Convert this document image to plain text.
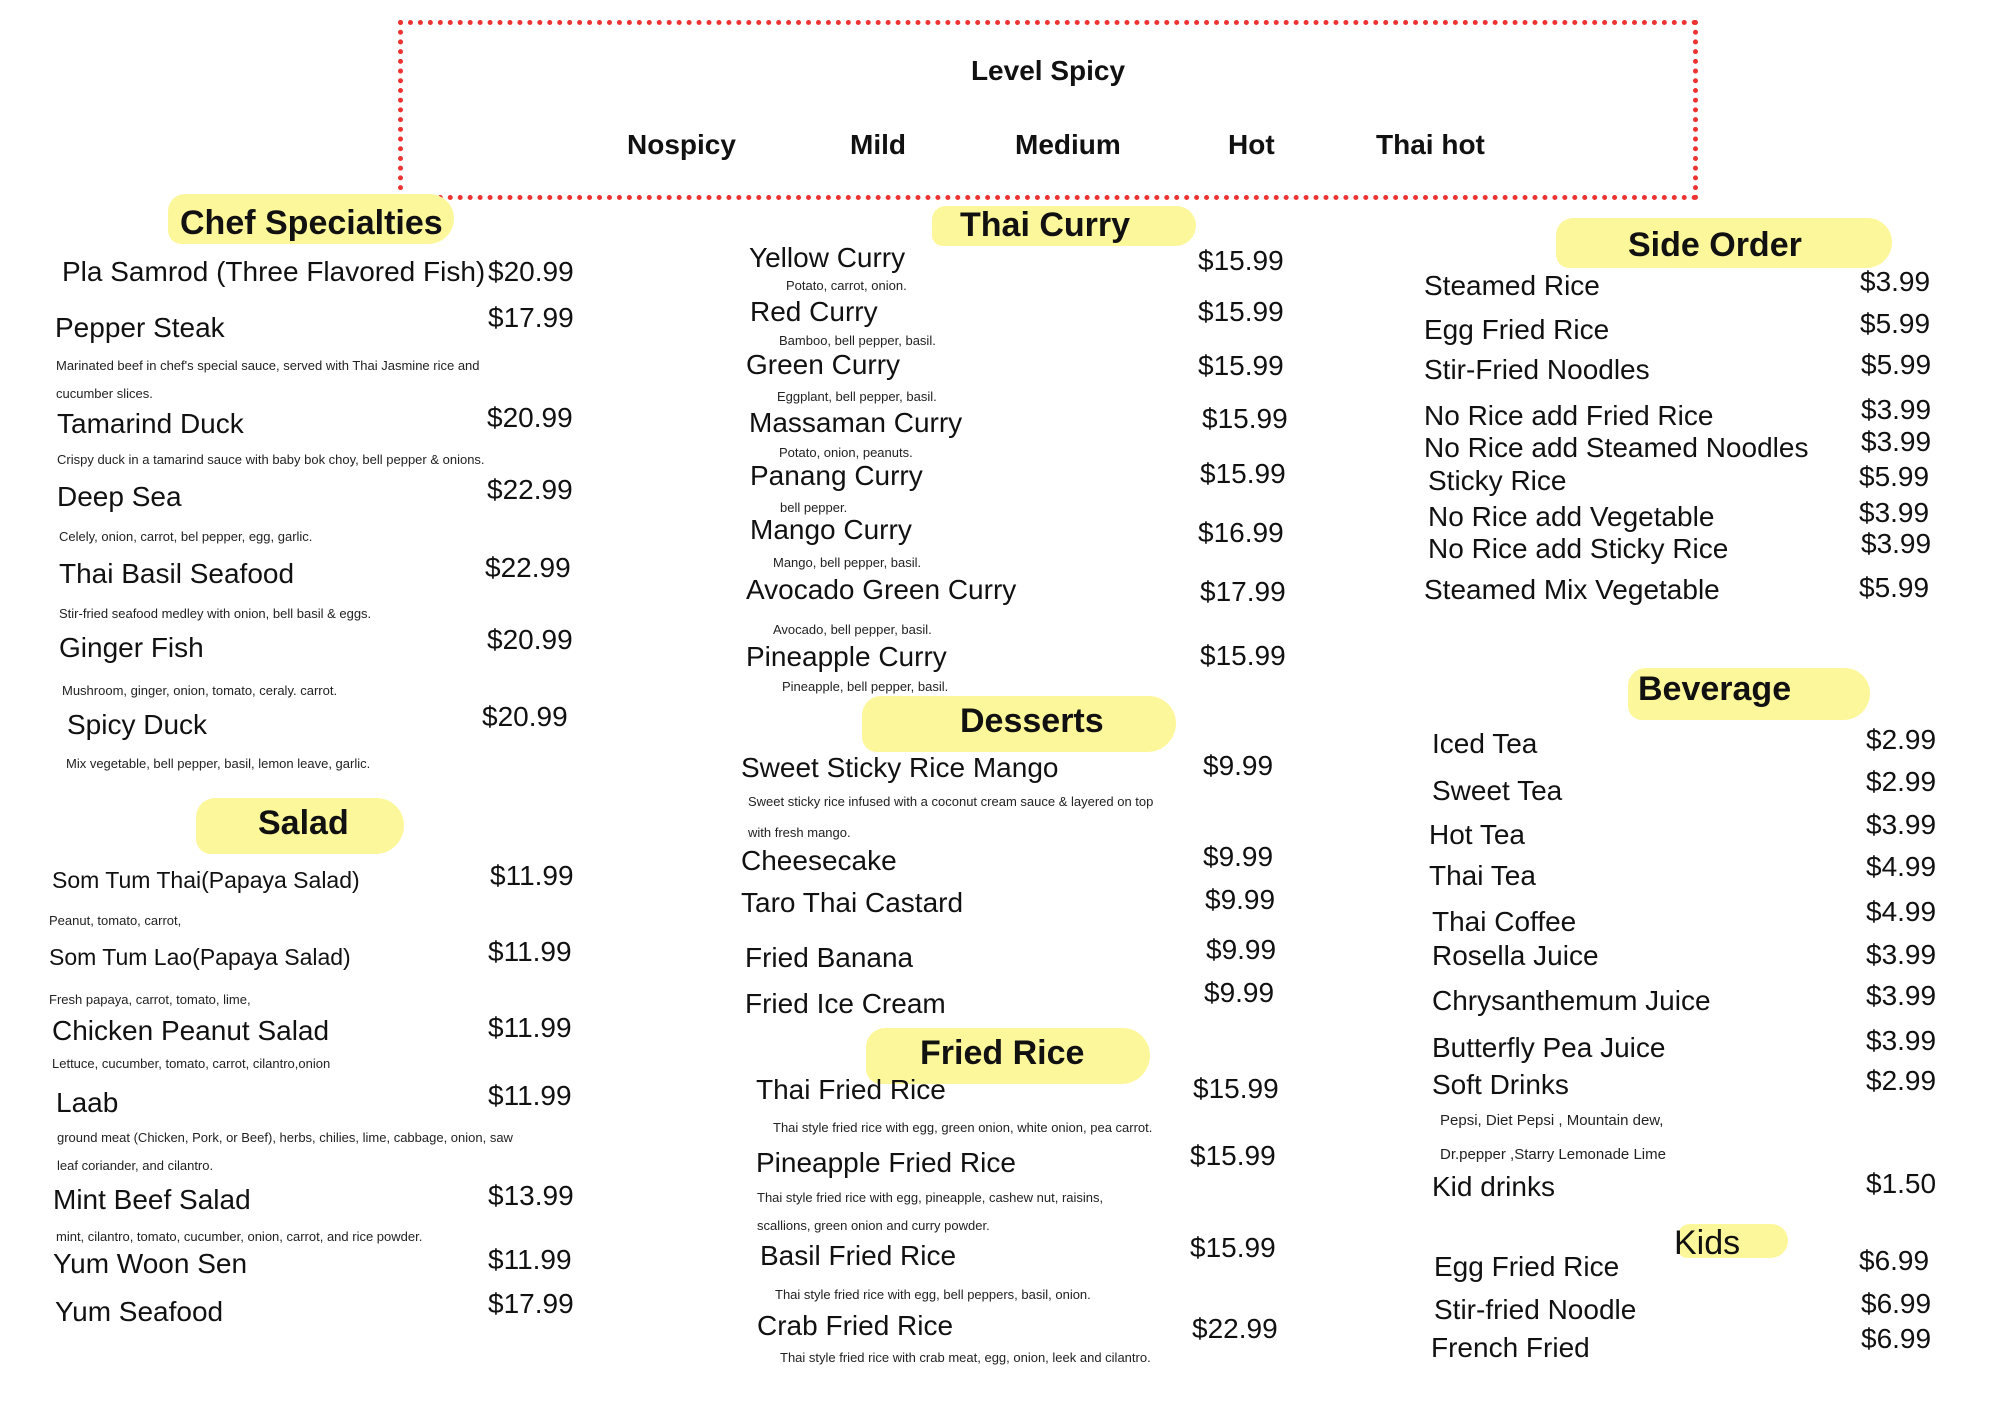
Level Spicy
Nospicy	Mild	Medium	Hot	Thai hot
Chef Specialties	Thai Curry
Side Order
Salad
Desserts
Beverage
Fried Rice
Kids
Pla Samrod (Three Flavored Fish) $20.99
Pepper Steak	$17.99
Marinated beef in chef's special sauce, served with Thai Jasmine rice and
cucumber slices.
Tamarind Duck	$20.99
Crispy duck in a tamarind sauce with baby bok choy, bell pepper & onions.
Deep Sea	$22.99
Celely, onion, carrot, bel pepper, egg, garlic.
Thai Basil Seafood	$22.99
Stir-fried seafood medley with onion, bell basil & eggs.
Ginger Fish	$20.99
Mushroom, ginger, onion, tomato, ceraly. carrot.
Spicy Duck	$20.99
Mix vegetable, bell pepper, basil, lemon leave, garlic.
Som Tum Thai(Papaya Salad)	$11.99
Peanut, tomato, carrot,
Som Tum Lao(Papaya Salad)	$11.99
Fresh papaya, carrot, tomato, lime,
Chicken Peanut Salad	$11.99
Lettuce, cucumber, tomato, carrot, cilantro,onion
Laab	$11.99
ground meat (Chicken, Pork, or Beef), herbs, chilies, lime, cabbage, onion, saw
leaf coriander, and cilantro.
Mint Beef Salad	$13.99
mint, cilantro, tomato, cucumber, onion, carrot, and rice powder.
Yum Woon Sen	$11.99
Yum Seafood	$17.99
Yellow Curry	$15.99
Potato, carrot, onion.
Red Curry	$15.99
Bamboo, bell pepper, basil.
Green Curry	$15.99
Eggplant, bell pepper, basil.
Massaman Curry	$15.99
Potato, onion, peanuts.
Panang Curry	$15.99
bell pepper.
Mango Curry	$16.99
Mango, bell pepper, basil.
Avocado Green Curry	$17.99
Avocado, bell pepper, basil.
Pineapple Curry	$15.99
Pineapple, bell pepper, basil.
Sweet Sticky Rice Mango	$9.99
Sweet sticky rice infused with a coconut cream sauce & layered on top
with fresh mango.
Cheesecake	$9.99
Taro Thai Castard	$9.99
Fried Banana	$9.99
Fried Ice Cream	$9.99
Thai Fried Rice	$15.99
Thai style fried rice with egg, green onion, white onion, pea carrot.
Pineapple Fried Rice	$15.99
Thai style fried rice with egg, pineapple, cashew nut, raisins,
scallions, green onion and curry powder.
Basil Fried Rice	$15.99
Thai style fried rice with egg, bell peppers, basil, onion.
Crab Fried Rice	$22.99
Thai style fried rice with crab meat, egg, onion, leek and cilantro.
Steamed Rice	$3.99
Egg Fried Rice	$5.99
Stir-Fried Noodles	$5.99
No Rice add Fried Rice	$3.99
No Rice add Steamed Noodles $3.99
Sticky Rice	$5.99
No Rice add Vegetable	$3.99
No Rice add Sticky Rice	$3.99
Steamed Mix Vegetable	$5.99
Iced Tea	$2.99
Sweet Tea	$2.99
Hot Tea	$3.99
Thai Tea	$4.99
Thai Coffee	$4.99
Rosella Juice	$3.99
Chrysanthemum Juice	$3.99
Butterfly Pea Juice	$3.99
Soft Drinks	$2.99
Pepsi, Diet Pepsi , Mountain dew,
Dr.pepper ,Starry Lemonade Lime
Kid drinks	$1.50
Egg Fried Rice	$6.99
Stir-fried Noodle	$6.99
French Fried	$6.99
